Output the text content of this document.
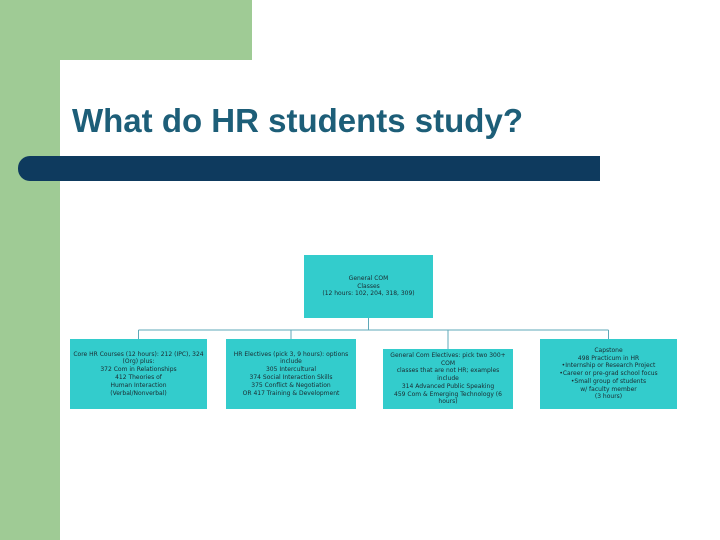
What do HR students study?
General COM
Classes
(12 hours: 102, 204, 318, 309)
Core HR Courses (12 hours): 212 (IPC), 324
(Org) plus:
372 Com in Relationships
412 Theories of
Human Interaction
(Verbal/Nonverbal)
HR Electives (pick 3, 9 hours): options include
305 Intercultural
374 Social Interaction Skills
375 Conflict & Negotiation
OR 417 Training & Development
General Com Electives: pick two 300+ COM
classes that are not HR; examples include
314 Advanced Public Speaking
459 Com & Emerging Technology (6 hours)
Capstone
498 Practicum in HR
•Internship or Research Project
•Career or pre-grad school focus
•Small group of students
w/ faculty member
(3 hours)
